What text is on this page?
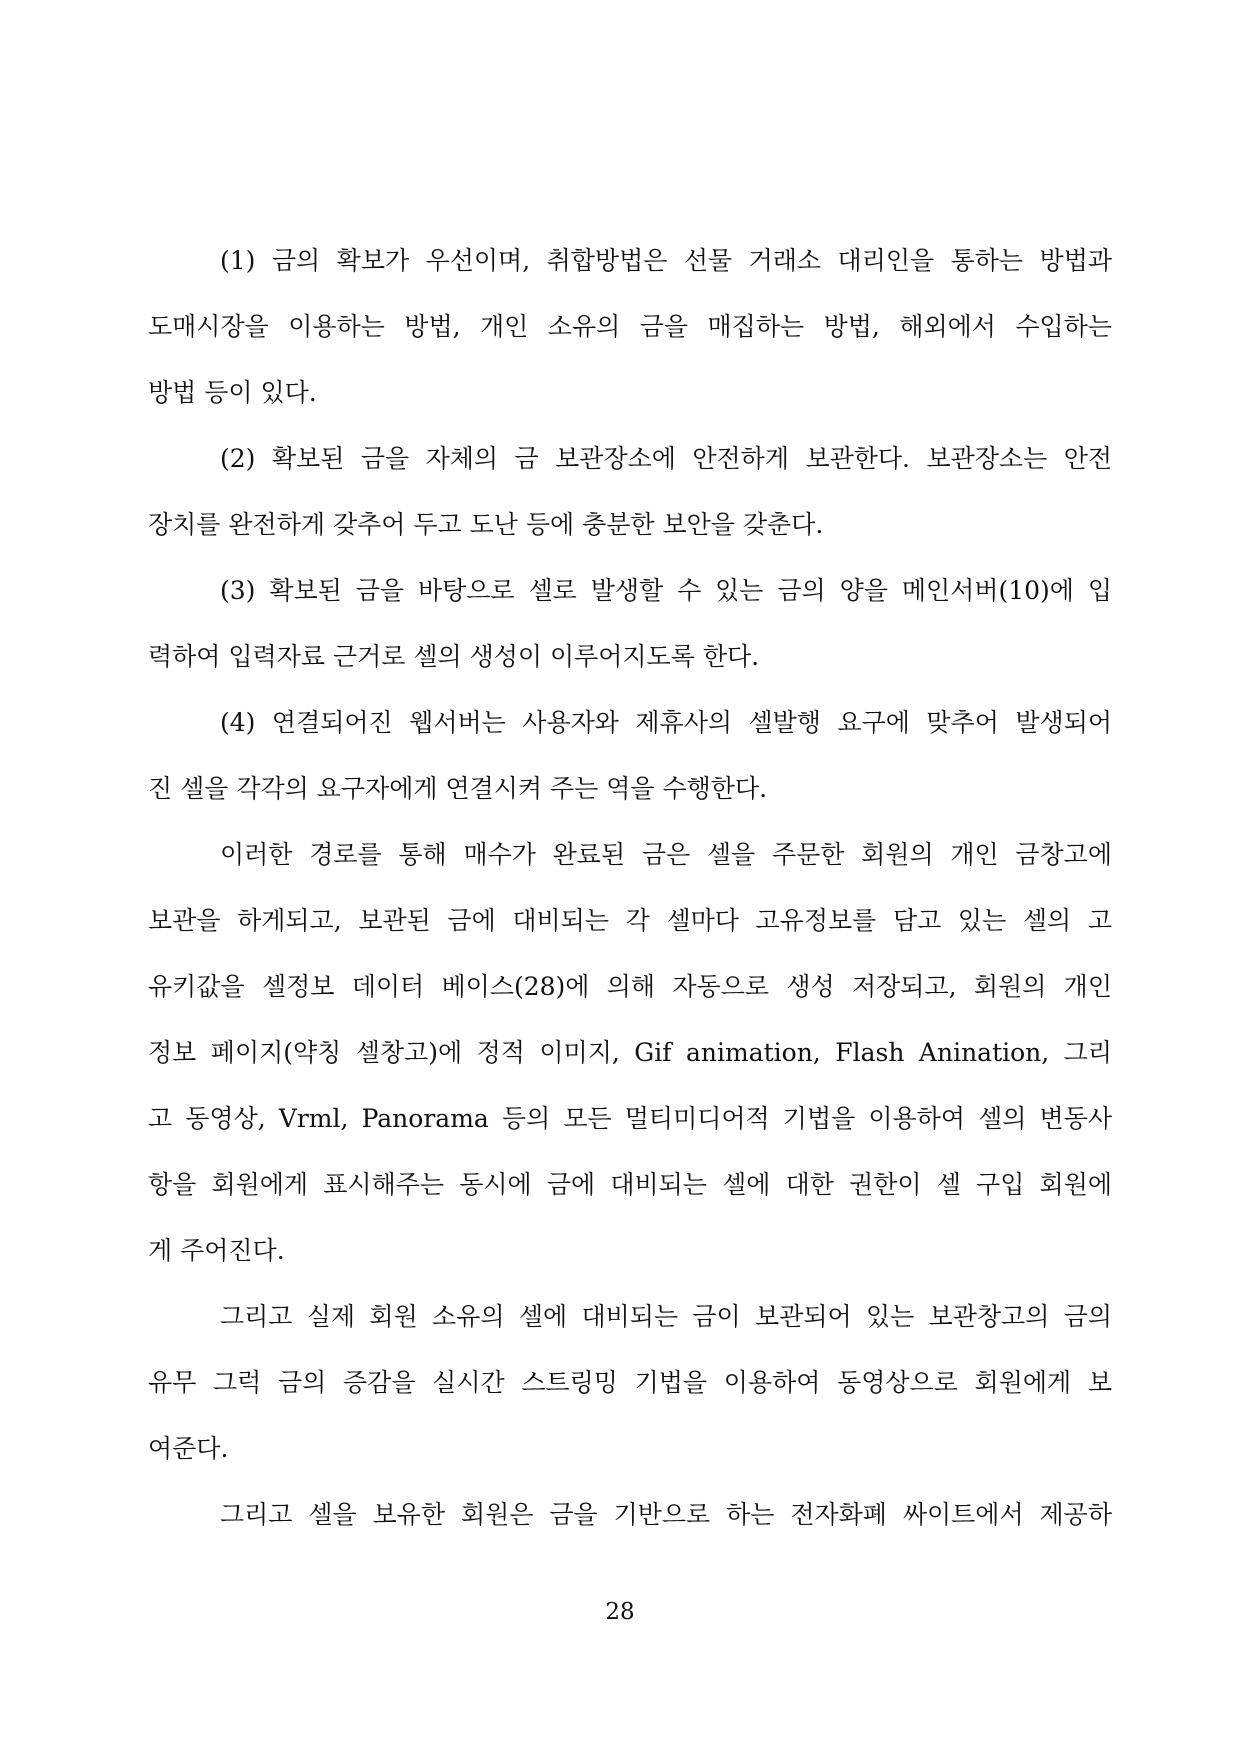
(1) 금의 확보가 우선이며, 취합방법은 선물 거래소 대리인을 통하는 방법과

도매시장을 이용하는 방법, 개인 소유의 금을 매집하는 방법, 해외에서 수입하는

방법 등이 있다.

(2) 확보된 금을 자체의 금 보관장소에 안전하게 보관한다. 보관장소는 안전

장치를 완전하게 갖추어 두고 도난 등에 충분한 보안을 갖춘다.

(3) 확보된 금을 바탕으로 셀로 발생할 수 있는 금의 양을 메인서버(10)에 입

력하여 입력자료 근거로 셀의 생성이 이루어지도록 한다.

(4) 연결되어진 웹서버는 사용자와 제휴사의 셀발행 요구에 맞추어 발생되어

진 셀을 각각의 요구자에게 연결시켜 주는 역을 수행한다.

이러한 경로를 통해 매수가 완료된 금은 셀을 주문한 회원의 개인 금창고에

보관을 하게되고, 보관된 금에 대비되는 각 셀마다 고유정보를 담고 있는 셀의 고

유키값을 셀정보 데이터 베이스(28)에 의해 자동으로 생성 저장되고, 회원의 개인

정보 페이지(약칭 셀창고)에 정적 이미지, Gif animation, Flash Anination, 그리

고 동영상, Vrml, Panorama 등의 모든 멀티미디어적 기법을 이용하여 셀의 변동사

항을 회원에게 표시해주는 동시에 금에 대비되는 셀에 대한 권한이 셀 구입 회원에

게 주어진다.

그리고 실제 회원 소유의 셀에 대비되는 금이 보관되어 있는 보관창고의 금의

유무 그럭 금의 증감을 실시간 스트링밍 기법을 이용하여 동영상으로 회원에게 보

여준다.

그리고 셀을 보유한 회원은 금을 기반으로 하는 전자화폐 싸이트에서 제공하

28
